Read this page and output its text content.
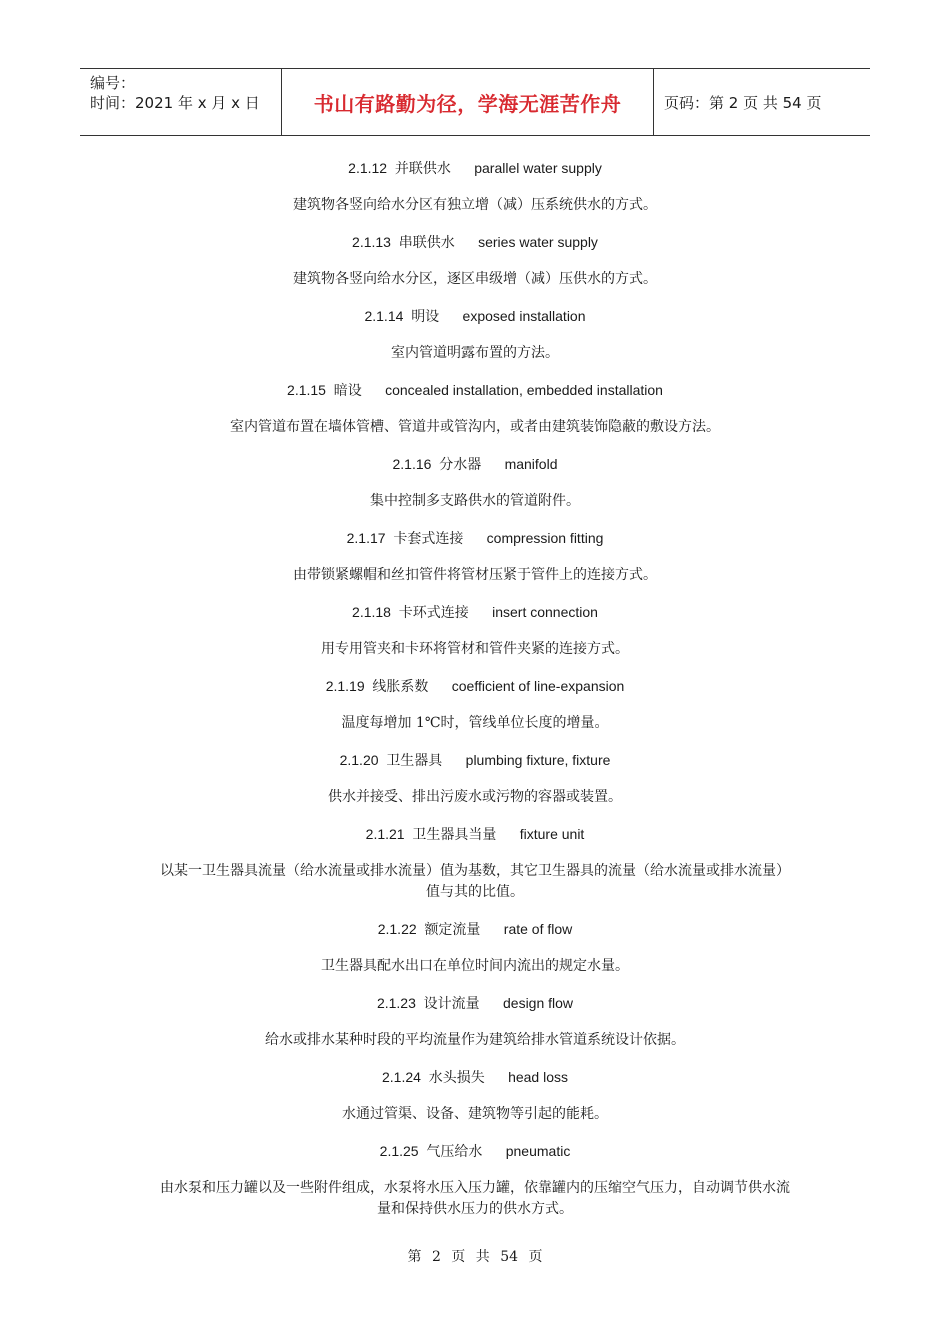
编号：
时间：2021 年 x 月 x 日	书山有路勤为径，学海无涯苦作舟	页码：第 2 页 共 54 页
2.1.12 并联供水 parallel water supply
建筑物各竖向给水分区有独立增（减）压系统供水的方式。
2.1.13 串联供水 series water supply
建筑物各竖向给水分区，逐区串级增（减）压供水的方式。
2.1.14 明设 exposed installation
室内管道明露布置的方法。
2.1.15 暗设 concealed installation, embedded installation
室内管道布置在墙体管槽、管道井或管沟内，或者由建筑装饰隐蔽的敷设方法。
2.1.16 分水器 manifold
集中控制多支路供水的管道附件。
2.1.17 卡套式连接 compression fitting
由带锁紧螺帽和丝扣管件将管材压紧于管件上的连接方式。
2.1.18 卡环式连接 insert connection
用专用管夹和卡环将管材和管件夹紧的连接方式。
2.1.19 线胀系数 coefficient of line-expansion
温度每增加 1℃时，管线单位长度的增量。
2.1.20 卫生器具 plumbing fixture, fixture
供水并接受、排出污废水或污物的容器或装置。
2.1.21 卫生器具当量 fixture unit
以某一卫生器具流量（给水流量或排水流量）值为基数，其它卫生器具的流量（给水流量或排水流量）值与其的比值。
2.1.22 额定流量 rate of flow
卫生器具配水出口在单位时间内流出的规定水量。
2.1.23 设计流量 design flow
给水或排水某种时段的平均流量作为建筑给排水管道系统设计依据。
2.1.24 水头损失 head loss
水通过管渠、设备、建筑物等引起的能耗。
2.1.25 气压给水 pneumatic
由水泵和压力罐以及一些附件组成，水泵将水压入压力罐，依靠罐内的压缩空气压力，自动调节供水流量和保持供水压力的供水方式。
第 2 页 共 54 页
